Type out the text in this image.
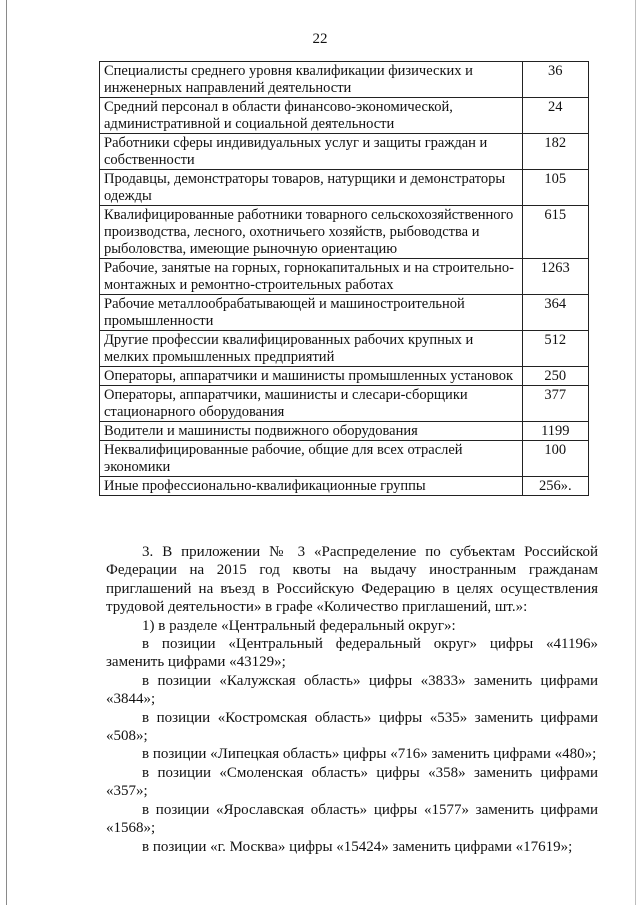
22
Специалисты среднего уровня квалификации физических и инженерных направлений деятельности	36
Средний персонал в области финансово-экономической, административной и социальной деятельности	24
Работники сферы индивидуальных услуг и защиты граждан и собственности	182
Продавцы, демонстраторы товаров, натурщики и демонстраторы одежды	105
Квалифицированные работники товарного сельскохозяйственного производства, лесного, охотничьего хозяйств, рыбоводства и рыболовства, имеющие рыночную ориентацию	615
Рабочие, занятые на горных, горнокапитальных и на строительно-монтажных и ремонтно-строительных работах	1263
Рабочие металлообрабатывающей и машиностроительной промышленности	364
Другие профессии квалифицированных рабочих крупных и мелких промышленных предприятий	512
Операторы, аппаратчики и машинисты промышленных установок	250
Операторы, аппаратчики, машинисты и слесари-сборщики стационарного оборудования	377
Водители и машинисты подвижного оборудования	1199
Неквалифицированные рабочие, общие для всех отраслей экономики	100
Иные профессионально-квалификационные группы	256».

3. В приложении № 3 «Распределение по субъектам Российской Федерации на 2015 год квоты на выдачу иностранным гражданам приглашений на въезд в Российскую Федерацию в целях осуществления трудовой деятельности» в графе «Количество приглашений, шт.»:

1) в разделе «Центральный федеральный округ»:

в позиции «Центральный федеральный округ» цифры «41196» заменить цифрами «43129»;

в позиции «Калужская область» цифры «3833» заменить цифрами «3844»;

в позиции «Костромская область» цифры «535» заменить цифрами «508»;

в позиции «Липецкая область» цифры «716» заменить цифрами «480»;

в позиции «Смоленская область» цифры «358» заменить цифрами «357»;

в позиции «Ярославская область» цифры «1577» заменить цифрами «1568»;

в позиции «г. Москва» цифры «15424» заменить цифрами «17619»;
